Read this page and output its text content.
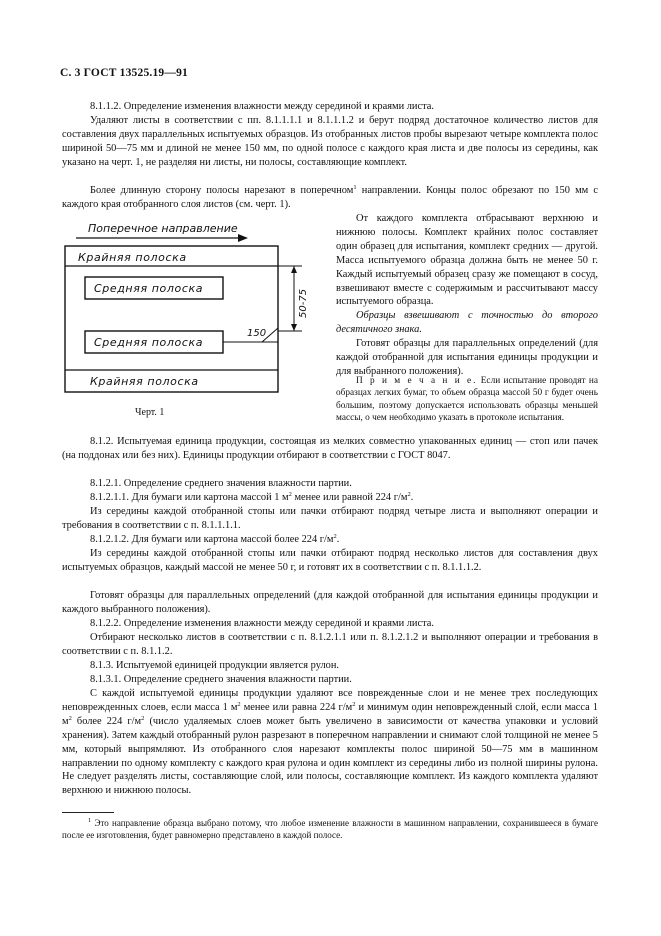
С. 3 ГОСТ 13525.19—91

8.1.1.2. Определение изменения влажности между серединой и краями листа.

Удаляют листы в соответствии с пп. 8.1.1.1.1 и 8.1.1.1.2 и берут подряд достаточное количество листов для составления двух параллельных испытуемых образцов. Из отобранных листов пробы вырезают четыре комплекта полос шириной 50—75 мм и длиной не менее 150 мм, по одной полосе с каждого края листа и две полосы из середины, как указано на черт. 1, не разделяя ни листы, ни полосы, составляющие комплект.

Более длинную сторону полосы нарезают в поперечном$^1$ направлении. Концы полос обрезают по 150 мм с каждого края отобранного слоя листов (см. черт. 1).

От каждого комплекта отбрасывают верхнюю и нижнюю полосы. Комплект крайних полос составляет один образец для испытания, комплект средних — другой. Масса испытуемого образца должна быть не менее 50 г. Каждый испытуемый образец сразу же помещают в сосуд, взвешивают вместе с содержимым и рассчитывают массу испытуемого образца.

Образцы взвешивают с точностью до второго десятичного знака.

Готовят образцы для параллельных определений (для каждой отобранной для испытания единицы продукции и для выбранного положения).

П р и м е ч а н и е. Если испытание проводят на образцах легких бумаг, то объем образца массой 50 г будет очень большим, поэтому допускается использовать образцы меньшей массы, о чем необходимо указать в протоколе испытания.

Поперечное направление
Крайняя полоска
Средняя полоска
Средняя полоска
Крайняя полоска
50-75
150
Черт. 1

8.1.2. Испытуемая единица продукции, состоящая из мелких совместно упакованных единиц — стоп или пачек (на поддонах или без них). Единицы продукции отбирают в соответствии с ГОСТ 8047.

8.1.2.1. Определение среднего значения влажности партии.

8.1.2.1.1. Для бумаги или картона массой 1 $м^2$ менее или равной 224 $г/м^2$.

Из середины каждой отобранной стопы или пачки отбирают подряд четыре листа и выполняют операции и требования в соответствии с п. 8.1.1.1.1.

8.1.2.1.2. Для бумаги или картона массой более 224 $г/м^2$.

Из середины каждой отобранной стопы или пачки отбирают подряд несколько листов для составления двух испытуемых образцов, каждый массой не менее 50 г, и готовят их в соответствии с п. 8.1.1.1.2.

Готовят образцы для параллельных определений (для каждой отобранной для испытания единицы продукции и каждого выбранного положения).

8.1.2.2. Определение изменения влажности между серединой и краями листа.

Отбирают несколько листов в соответствии с п. 8.1.2.1.1 или п. 8.1.2.1.2 и выполняют операции и требования в соответствии с п. 8.1.1.2.

8.1.3. Испытуемой единицей продукции является рулон.

8.1.3.1. Определение среднего значения влажности партии.

С каждой испытуемой единицы продукции удаляют все поврежденные слои и не менее трех последующих неповрежденных слоев, если масса 1 $м^2$ менее или равна 224 $г/м^2$ и минимум один неповрежденный слой, если масса 1 $м^2$ более 224 $г/м^2$ (число удаляемых слоев может быть увеличено в зависимости от качества упаковки и условий хранения). Затем каждый отобранный рулон разрезают в поперечном направлении и снимают слой толщиной не менее 5 мм, который выпрямляют. Из отобранного слоя нарезают комплекты полос шириной 50—75 мм в машинном направлении по одному комплекту с каждого края рулона и один комплект из середины либо из полной ширины рулона. Не следует разделять листы, составляющие слой, или полосы, составляющие комплект. Из каждого комплекта удаляют верхнюю и нижнюю полосы.

$^1$ Это направление образца выбрано потому, что любое изменение влажности в машинном направлении, сохранившееся в бумаге после ее изготовления, будет равномерно представлено в каждой полосе.
